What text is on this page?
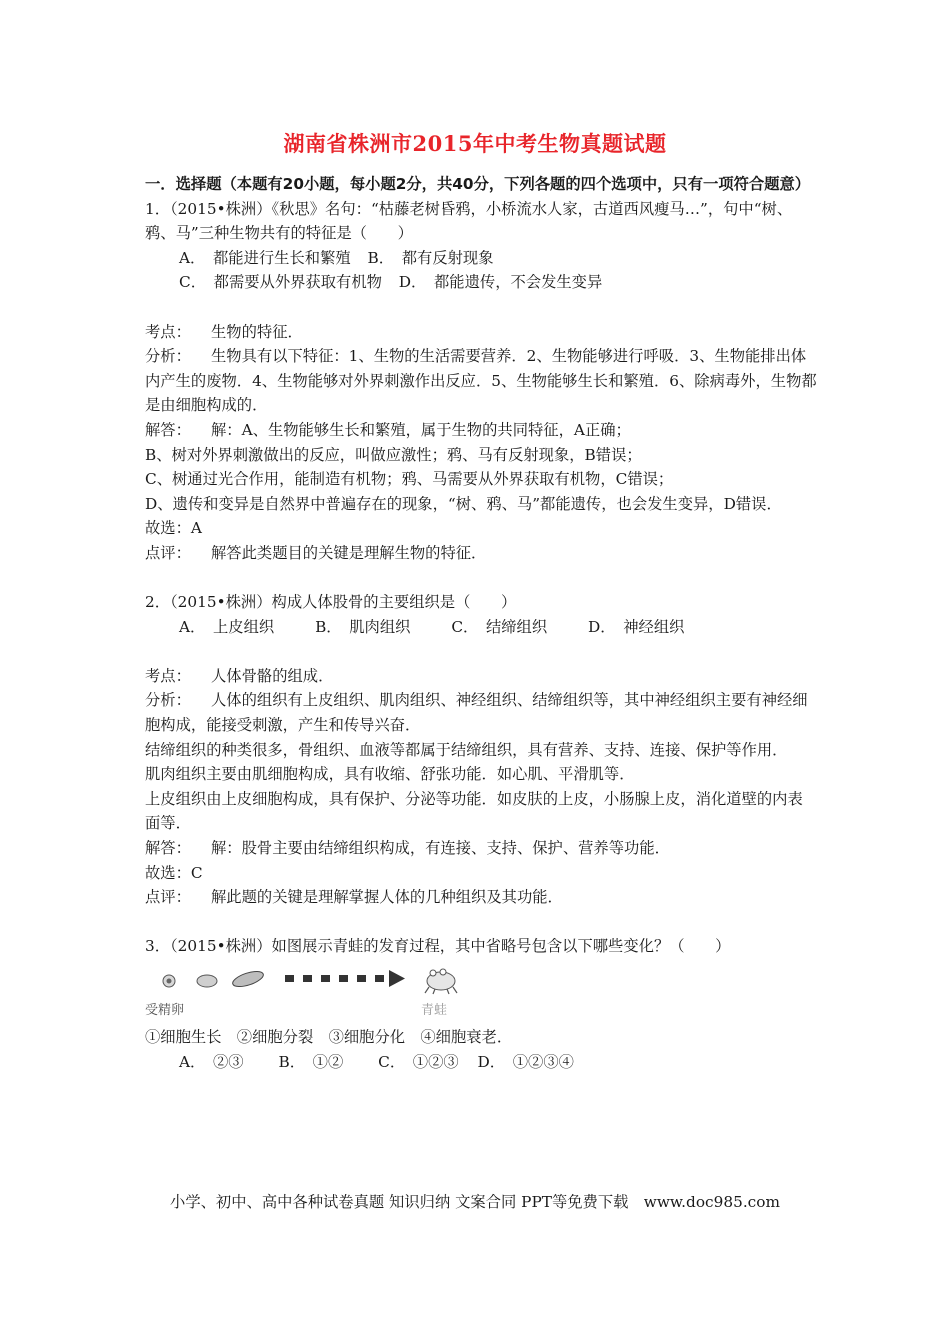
湖南省株洲市2015年中考生物真题试题

一．选择题（本题有20小题，每小题2分，共40分，下列各题的四个选项中，只有一项符合题意）

1．（2015•株洲）《秋思》名句：“枯藤老树昏鸦，小桥流水人家，古道西风瘦马…”，句中“树、鸦、马”三种生物共有的特征是（　　）

A．　都能进行生长和繁殖 B．　都有反射现象

C．　都需要从外界获取有机物 D．　都能遗传，不会发生变异

考点： 生物的特征．

分析： 生物具有以下特征：1、生物的生活需要营养．2、生物能够进行呼吸．3、生物能排出体内产生的废物．4、生物能够对外界刺激作出反应．5、生物能够生长和繁殖．6、除病毒外，生物都是由细胞构成的．

解答： 解：A、生物能够生长和繁殖，属于生物的共同特征，A正确；

B、树对外界刺激做出的反应，叫做应激性；鸦、马有反射现象，B错误；

C、树通过光合作用，能制造有机物；鸦、马需要从外界获取有机物，C错误；

D、遗传和变异是自然界中普遍存在的现象，“树、鸦、马”都能遗传，也会发生变异，D错误．

故选：A

点评： 解答此类题目的关键是理解生物的特征．

2．（2015•株洲）构成人体股骨的主要组织是（　　）

A．　上皮组织	B．　肌肉组织	C．　结缔组织	D．　神经组织

考点： 人体骨骼的组成．

分析： 人体的组织有上皮组织、肌肉组织、神经组织、结缔组织等，其中神经组织主要有神经细胞构成，能接受刺激，产生和传导兴奋．

结缔组织的种类很多，骨组织、血液等都属于结缔组织，具有营养、支持、连接、保护等作用．

肌肉组织主要由肌细胞构成，具有收缩、舒张功能．如心肌、平滑肌等．

上皮组织由上皮细胞构成，具有保护、分泌等功能．如皮肤的上皮，小肠腺上皮，消化道壁的内表面等．

解答： 解：股骨主要由结缔组织构成，有连接、支持、保护、营养等功能．

故选：C

点评： 解此题的关键是理解掌握人体的几种组织及其功能．

3．（2015•株洲）如图展示青蛙的发育过程，其中省略号包含以下哪些变化？（　　）

受精卵	青蛙

①细胞生长　②细胞分裂　③细胞分化　④细胞衰老．

A．　②③ B．　①② C．　①②③ D．　①②③④

小学、初中、高中各种试卷真题 知识归纳 文案合同 PPT等免费下载　www.doc985.com
